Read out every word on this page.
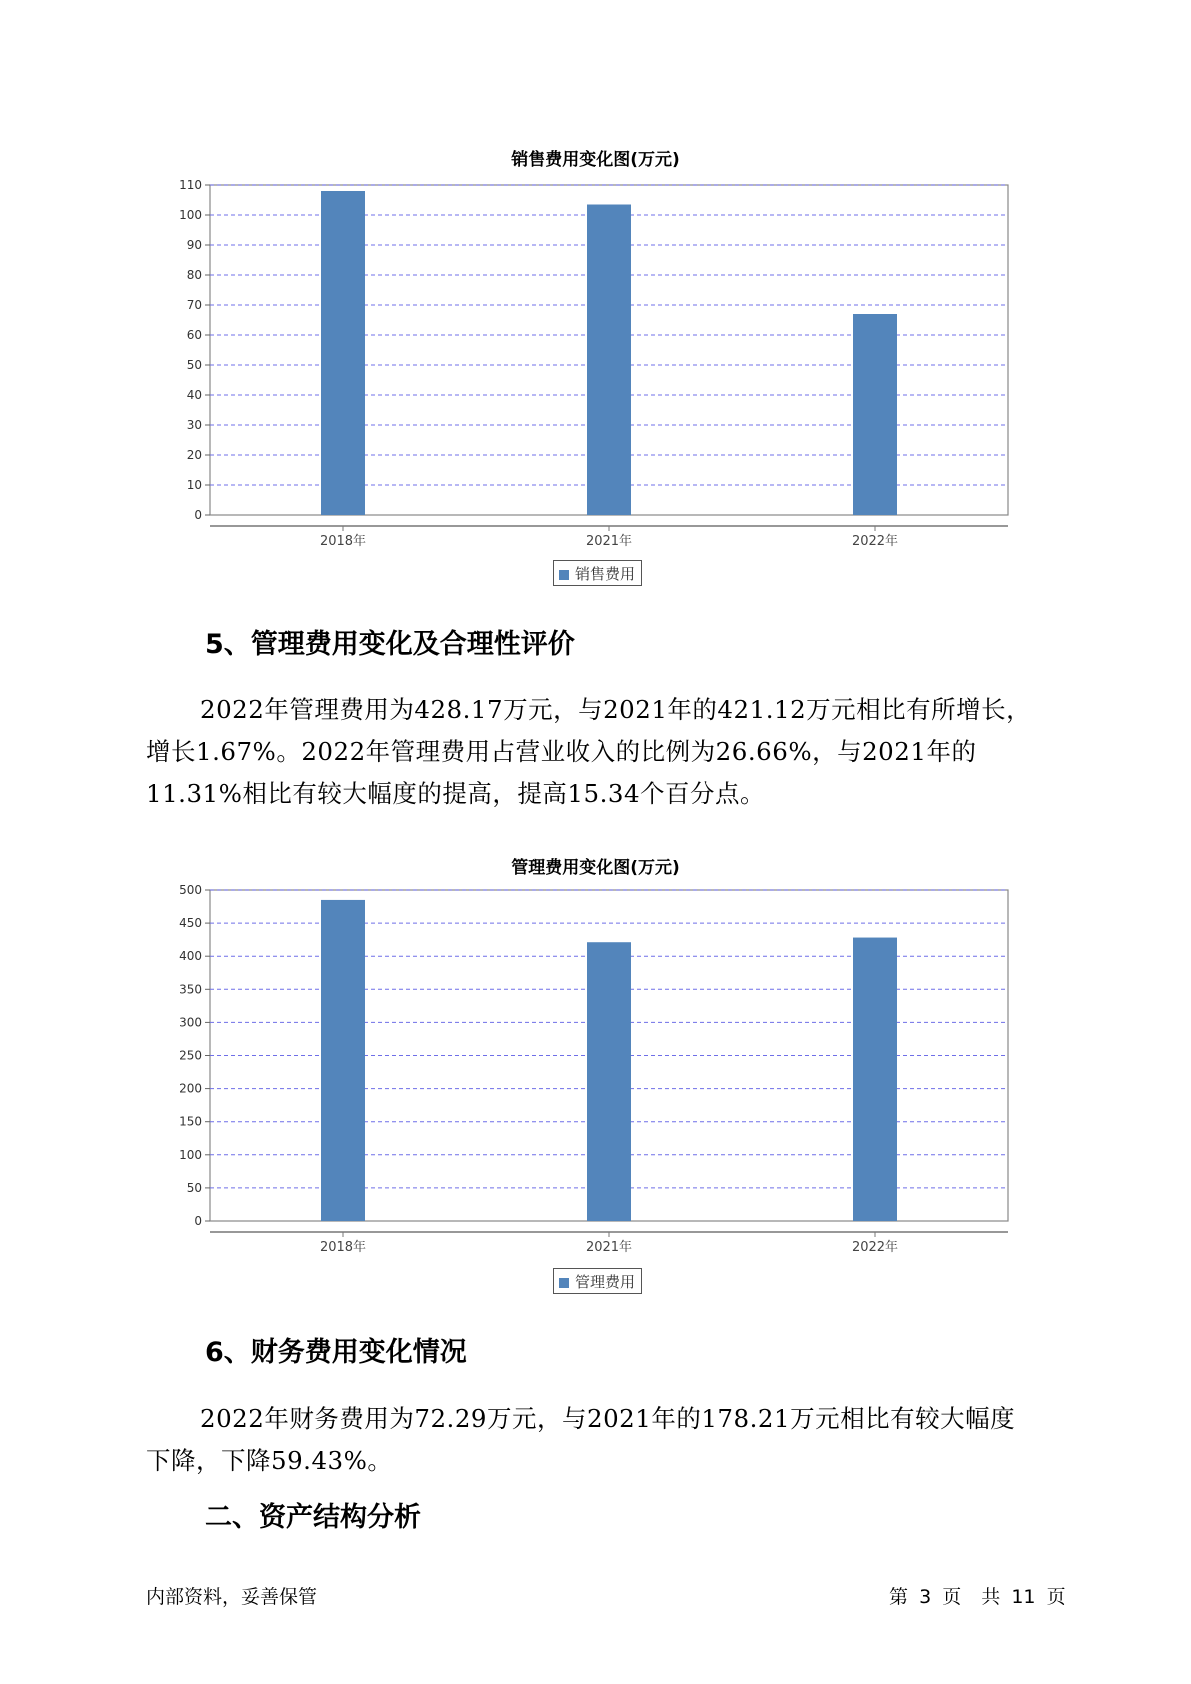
销售费用变化图(万元)
0
10
20
30
40
50
60
70
80
90
100
110
2018年	2021年	2022年
销售费用
5、管理费用变化及合理性评价

2022年管理费用为428.17万元，与2021年的421.12万元相比有所增长，

增长1.67%。2022年管理费用占营业收入的比例为26.66%，与2021年的

11.31%相比有较大幅度的提高，提高15.34个百分点。

管理费用变化图(万元)
0
50
100
150
200
250
300
350
400
450
500
2018年	2021年	2022年
管理费用
6、财务费用变化情况

2022年财务费用为72.29万元，与2021年的178.21万元相比有较大幅度

下降，下降59.43%。

二、资产结构分析
内部资料，妥善保管	第 3 页 共 11 页
